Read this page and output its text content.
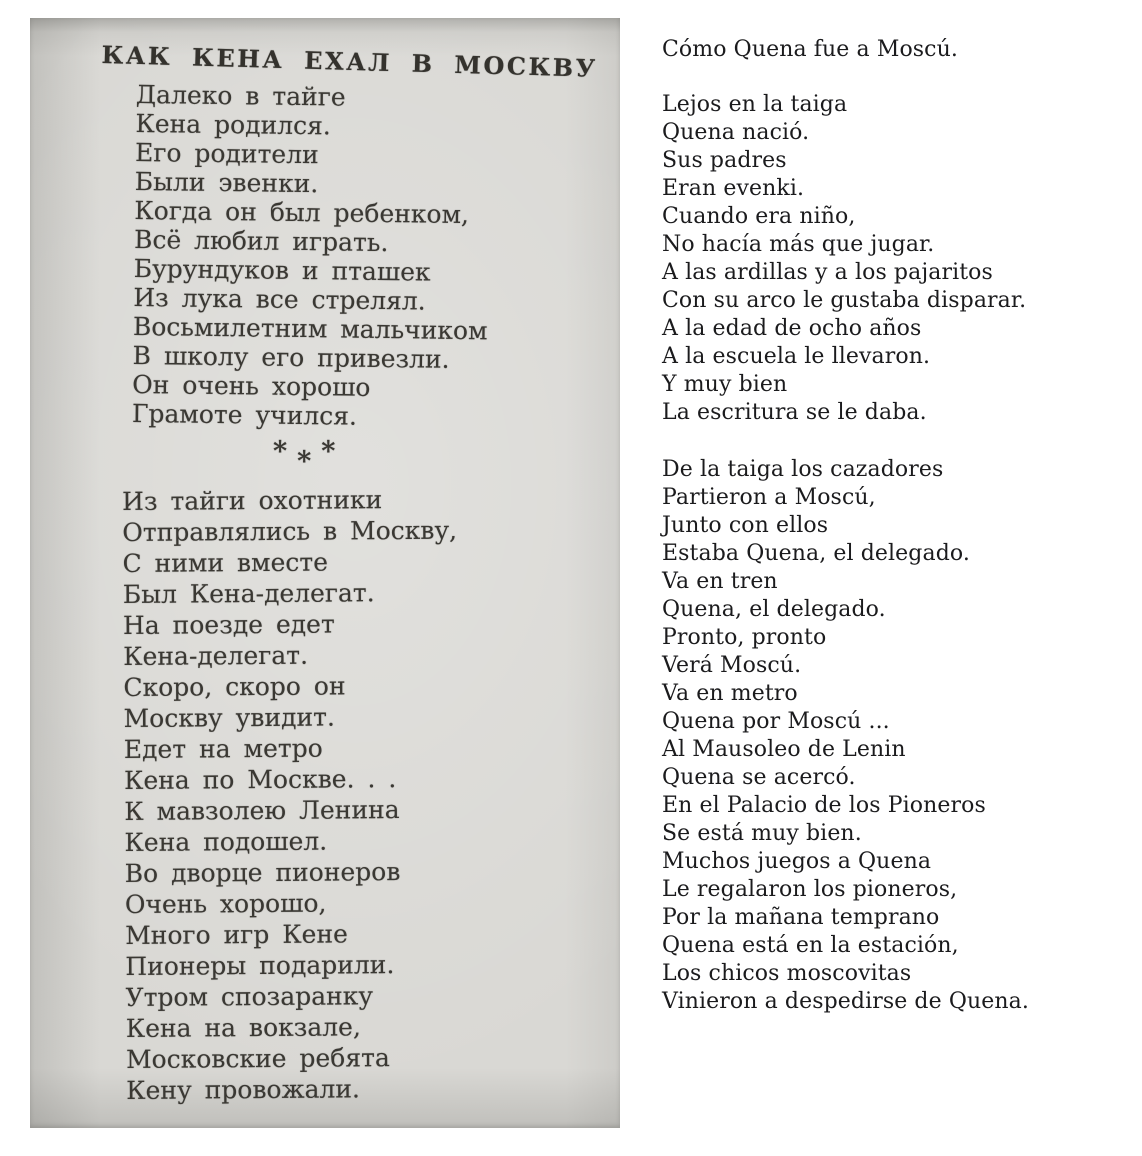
КАК КЕНА ЕХАЛ В МОСКВУ
Далеко в тайге
Кена родился.
Его родители
Были эвенки.
Когда он был ребенком,
Всё любил играть.
Бурундуков и пташек
Из лука все стрелял.
Восьмилетним мальчиком
В школу его привезли.
Он очень хорошо
Грамоте учился.
* * *
Из тайги охотники
Отправлялись в Москву,
С ними вместе
Был Кена-делегат.
На поезде едет
Кена-делегат.
Скоро, скоро он
Москву увидит.
Едет на метро
Кена по Москве. . .
К мавзолею Ленина
Кена подошел.
Во дворце пионеров
Очень хорошо,
Много игр Кене
Пионеры подарили.
Утром спозаранку
Кена на вокзале,
Московские ребята
Кену провожали.
Cómo Quena fue a Moscú.
Lejos en la taiga
Quena nació.
Sus padres
Eran evenki.
Cuando era niño,
No hacía más que jugar.
A las ardillas y a los pajaritos
Con su arco le gustaba disparar.
A la edad de ocho años
A la escuela le llevaron.
Y muy bien
La escritura se le daba.
De la taiga los cazadores
Partieron a Moscú,
Junto con ellos
Estaba Quena, el delegado.
Va en tren
Quena, el delegado.
Pronto, pronto
Verá Moscú.
Va en metro
Quena por Moscú ...
Al Mausoleo de Lenin
Quena se acercó.
En el Palacio de los Pioneros
Se está muy bien.
Muchos juegos a Quena
Le regalaron los pioneros,
Por la mañana temprano
Quena está en la estación,
Los chicos moscovitas
Vinieron a despedirse de Quena.
